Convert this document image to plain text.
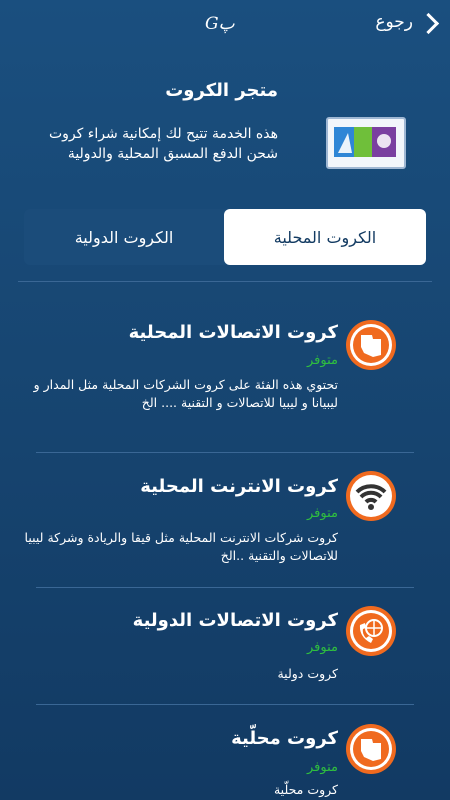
رجوع
Gپ
متجر الكروت
هذه الخدمة تتيح لك إمكانية شراء كروت شحن الدفع المسبق المحلية والدولية
الكروت المحلية
الكروت الدولية
كروت الاتصالات المحلية
متوفر
تحتوي هذه الفئة على كروت الشركات المحلية مثل المدار و ليبيانا و ليبيا للاتصالات و التقنية .... الخ
كروت الانترنت المحلية
متوفر
كروت شركات الانترنت المحلية مثل قيقا والريادة وشركة ليبيا للاتصالات والتقنية ..الخ
كروت الاتصالات الدولية
متوفر
كروت دولية
كروت محلّية
متوفر
كروت محلّية
